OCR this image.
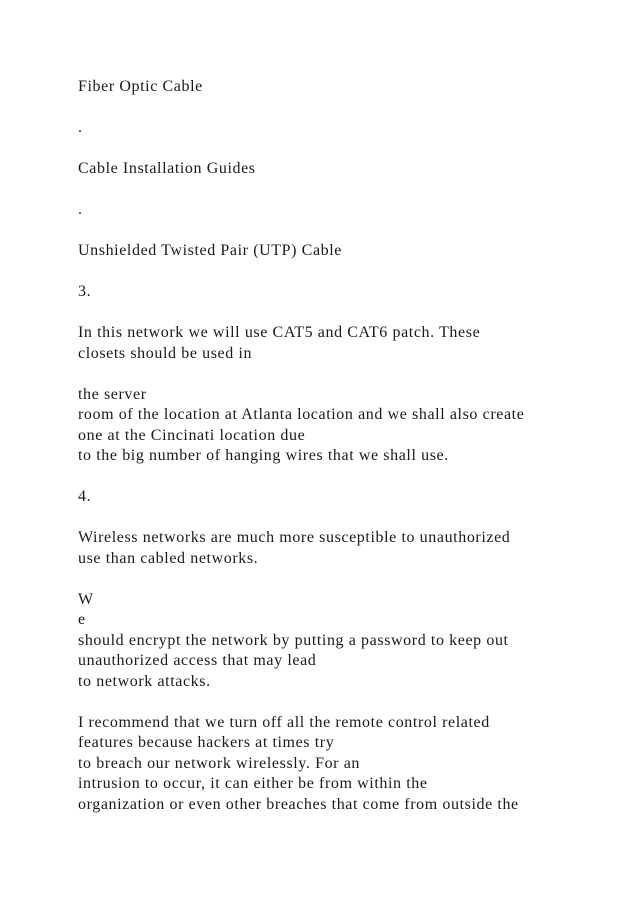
Fiber Optic Cable

.

Cable Installation Guides

.

Unshielded Twisted Pair (UTP) Cable

3.

In this network we will use CAT5 and CAT6 patch. These
closets should be used in

the server
room of the location at Atlanta location and we shall also create
one at the Cincinati location due
to the big number of hanging wires that we shall use.

4.

Wireless networks are much more susceptible to unauthorized
use than cabled networks.

W
e
should encrypt the network by putting a password to keep out
unauthorized access that may lead
to network attacks.

I recommend that we turn off all the remote control related
features because hackers at times try
to breach our network wirelessly. For an
intrusion to occur, it can either be from within the
organization or even other breaches that come from outside the
